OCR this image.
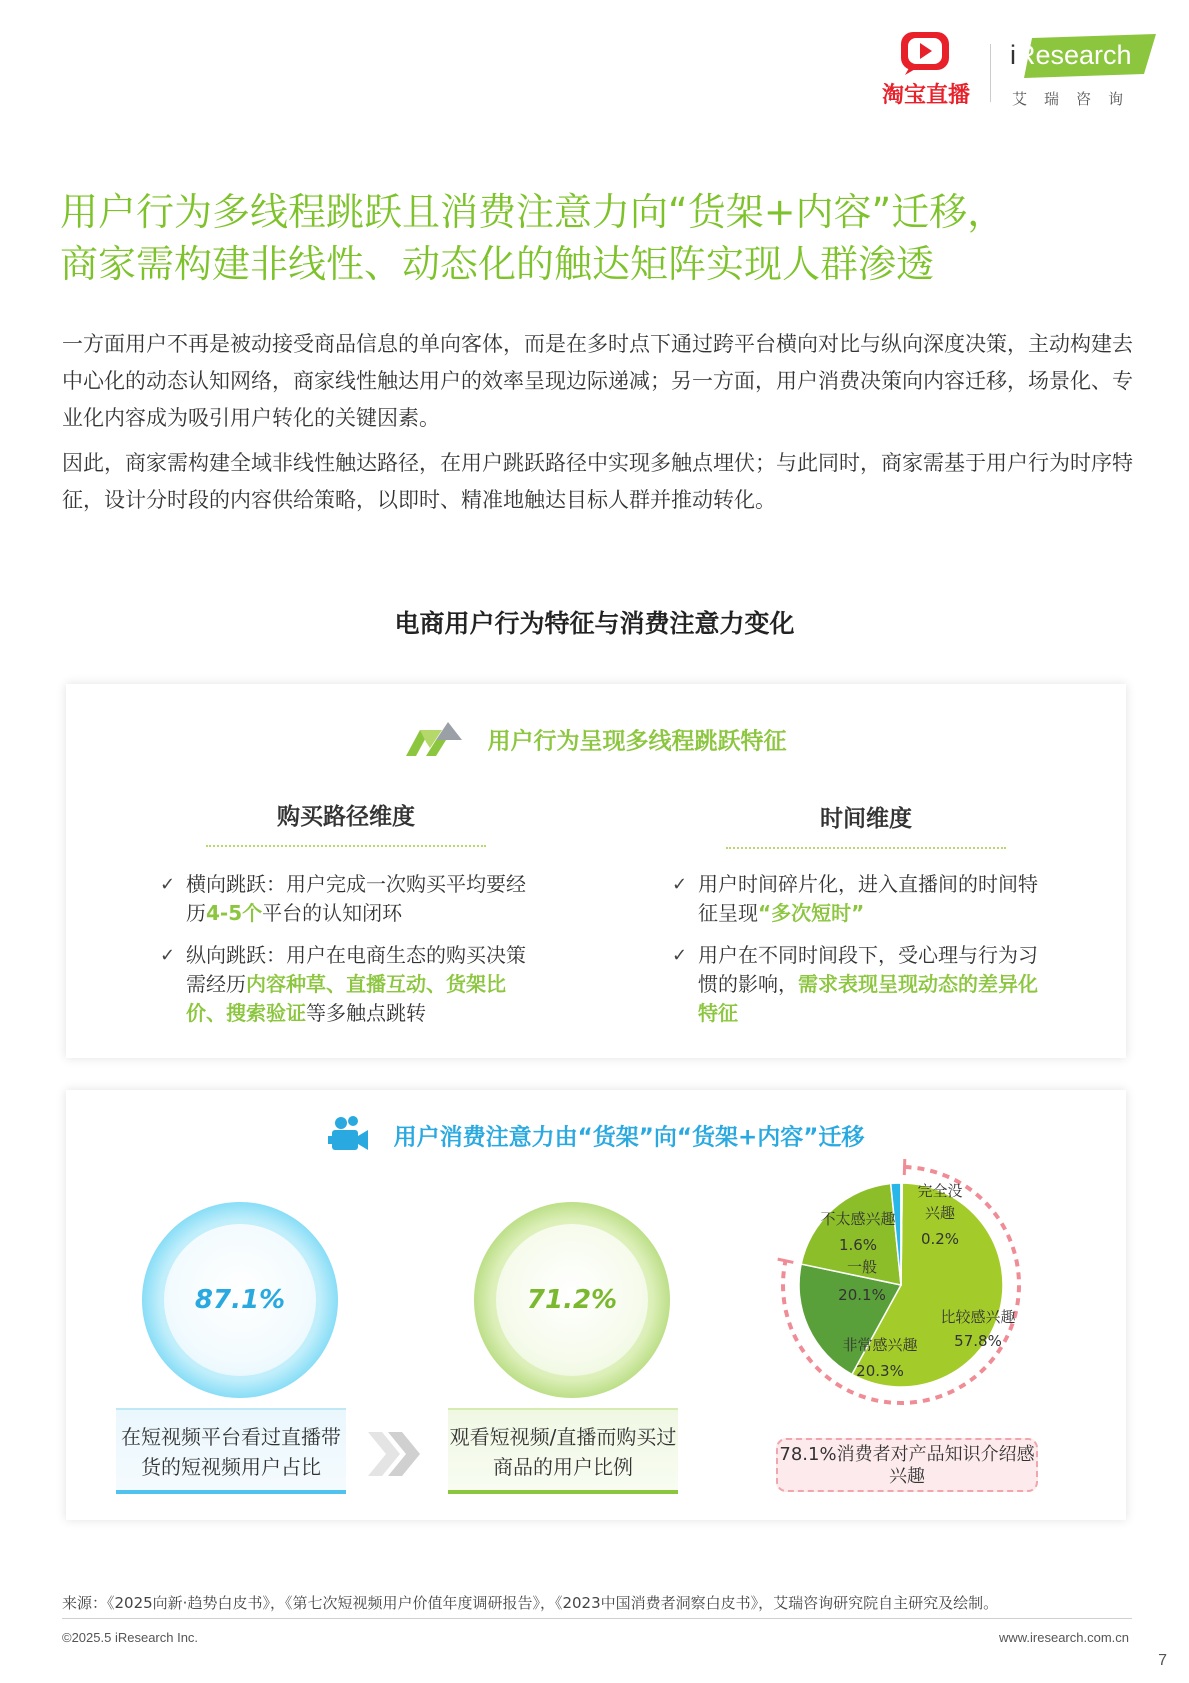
淘宝直播
iResearch
艾瑞咨询
用户行为多线程跳跃且消费注意力向“货架+内容”迁移，
商家需构建非线性、动态化的触达矩阵实现人群渗透

一方面用户不再是被动接受商品信息的单向客体，而是在多时点下通过跨平台横向对比与纵向深度决策，主动构建去中心化的动态认知网络，商家线性触达用户的效率呈现边际递减；另一方面，用户消费决策向内容迁移，场景化、专业化内容成为吸引用户转化的关键因素。

因此，商家需构建全域非线性触达路径，在用户跳跃路径中实现多触点埋伏；与此同时，商家需基于用户行为时序特征，设计分时段的内容供给策略，以即时、精准地触达目标人群并推动转化。

电商用户行为特征与消费注意力变化
用户行为呈现多线程跳跃特征
购买路径维度	时间维度
✓ 横向跳跃：用户完成一次购买平均要经历4-5个平台的认知闭环
✓ 纵向跳跃：用户在电商生态的购买决策需经历内容种草、直播互动、货架比价、搜索验证等多触点跳转
✓ 用户时间碎片化，进入直播间的时间特征呈现“多次短时”
✓ 用户在不同时间段下，受心理与行为习惯的影响，需求表现呈现动态的差异化特征
用户消费注意力由“货架”向“货架+内容”迁移
87.1%
在短视频平台看过直播带货的短视频用户占比
71.2%
观看短视频/直播而购买过商品的用户比例
比较感兴趣
57.8%
非常感兴趣
20.3%
一般
20.1%
不太感兴趣
1.6%
完全没兴趣
0.2%
78.1%消费者对产品知识介绍感兴趣
来源：《2025向新·趋势白皮书》，《第七次短视频用户价值年度调研报告》，《2023中国消费者洞察白皮书》，艾瑞咨询研究院自主研究及绘制。
©2025.5 iResearch Inc.	www.iresearch.com.cn
7
